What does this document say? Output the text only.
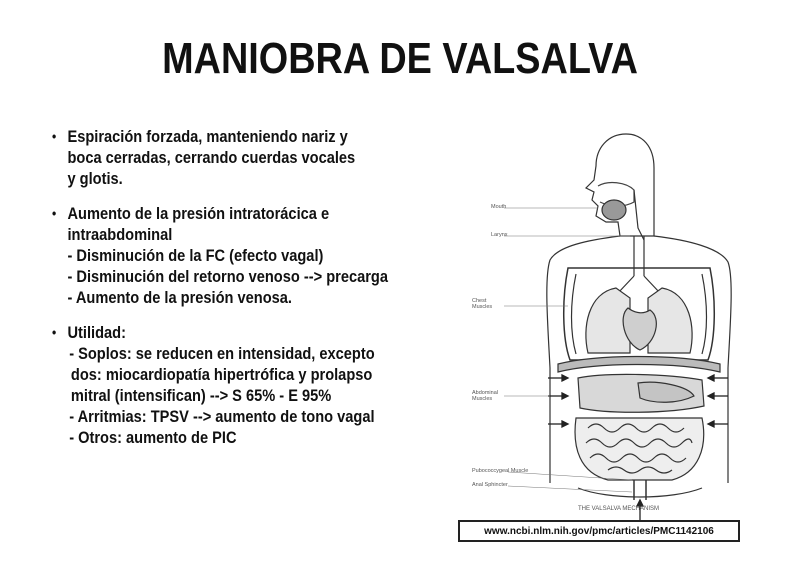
MANIOBRA DE VALSALVA
• Espiración forzada, manteniendo nariz y
boca cerradas, cerrando cuerdas vocales
y glotis.
• Aumento de la presión intratorácica e
intraabdominal
- Disminución de la FC (efecto vagal)
- Disminución del retorno venoso --> precarga
- Aumento de la presión venosa.
• Utilidad:
- Soplos: se reducen en intensidad, excepto
dos: miocardiopatía hipertrófica y prolapso
mitral (intensifican) --> S 65% - E 95%
- Arritmias: TPSV --> aumento de tono vagal
- Otros: aumento de PIC
Mouth
Larynx
Chest Muscles
Abdominal Muscles
Pubococcygeal Muscle
Anal Sphincter
THE VALSALVA MECHANISM
www.ncbi.nlm.nih.gov/pmc/articles/PMC1142106
